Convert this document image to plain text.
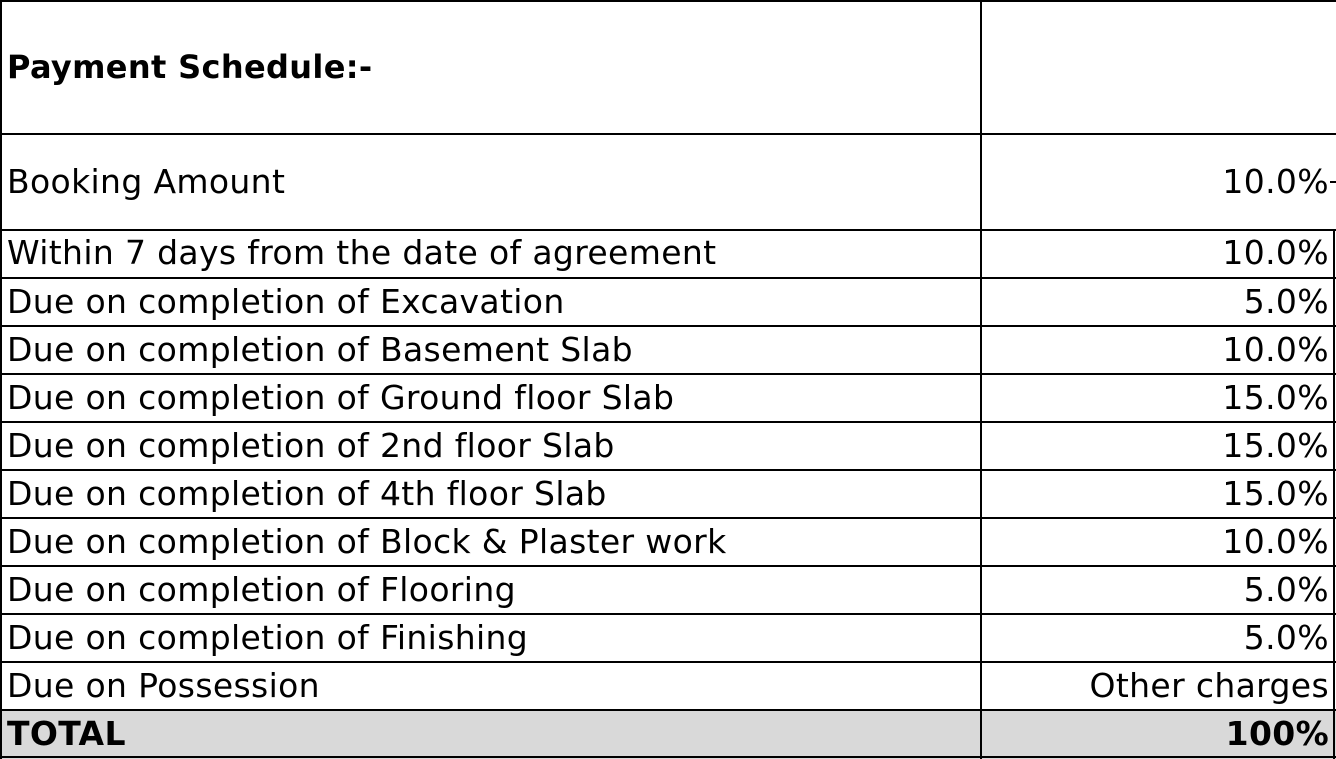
Payment Schedule:-
Booking Amount	10.0%
Within 7 days from the date of agreement	10.0%
Due on completion of Excavation	5.0%
Due on completion of Basement Slab	10.0%
Due on completion of Ground floor Slab	15.0%
Due on completion of 2nd floor Slab	15.0%
Due on completion of 4th floor Slab	15.0%
Due on completion of Block & Plaster work	10.0%
Due on completion of Flooring	5.0%
Due on completion of Finishing	5.0%
Due on Possession	Other charges
TOTAL	100%
